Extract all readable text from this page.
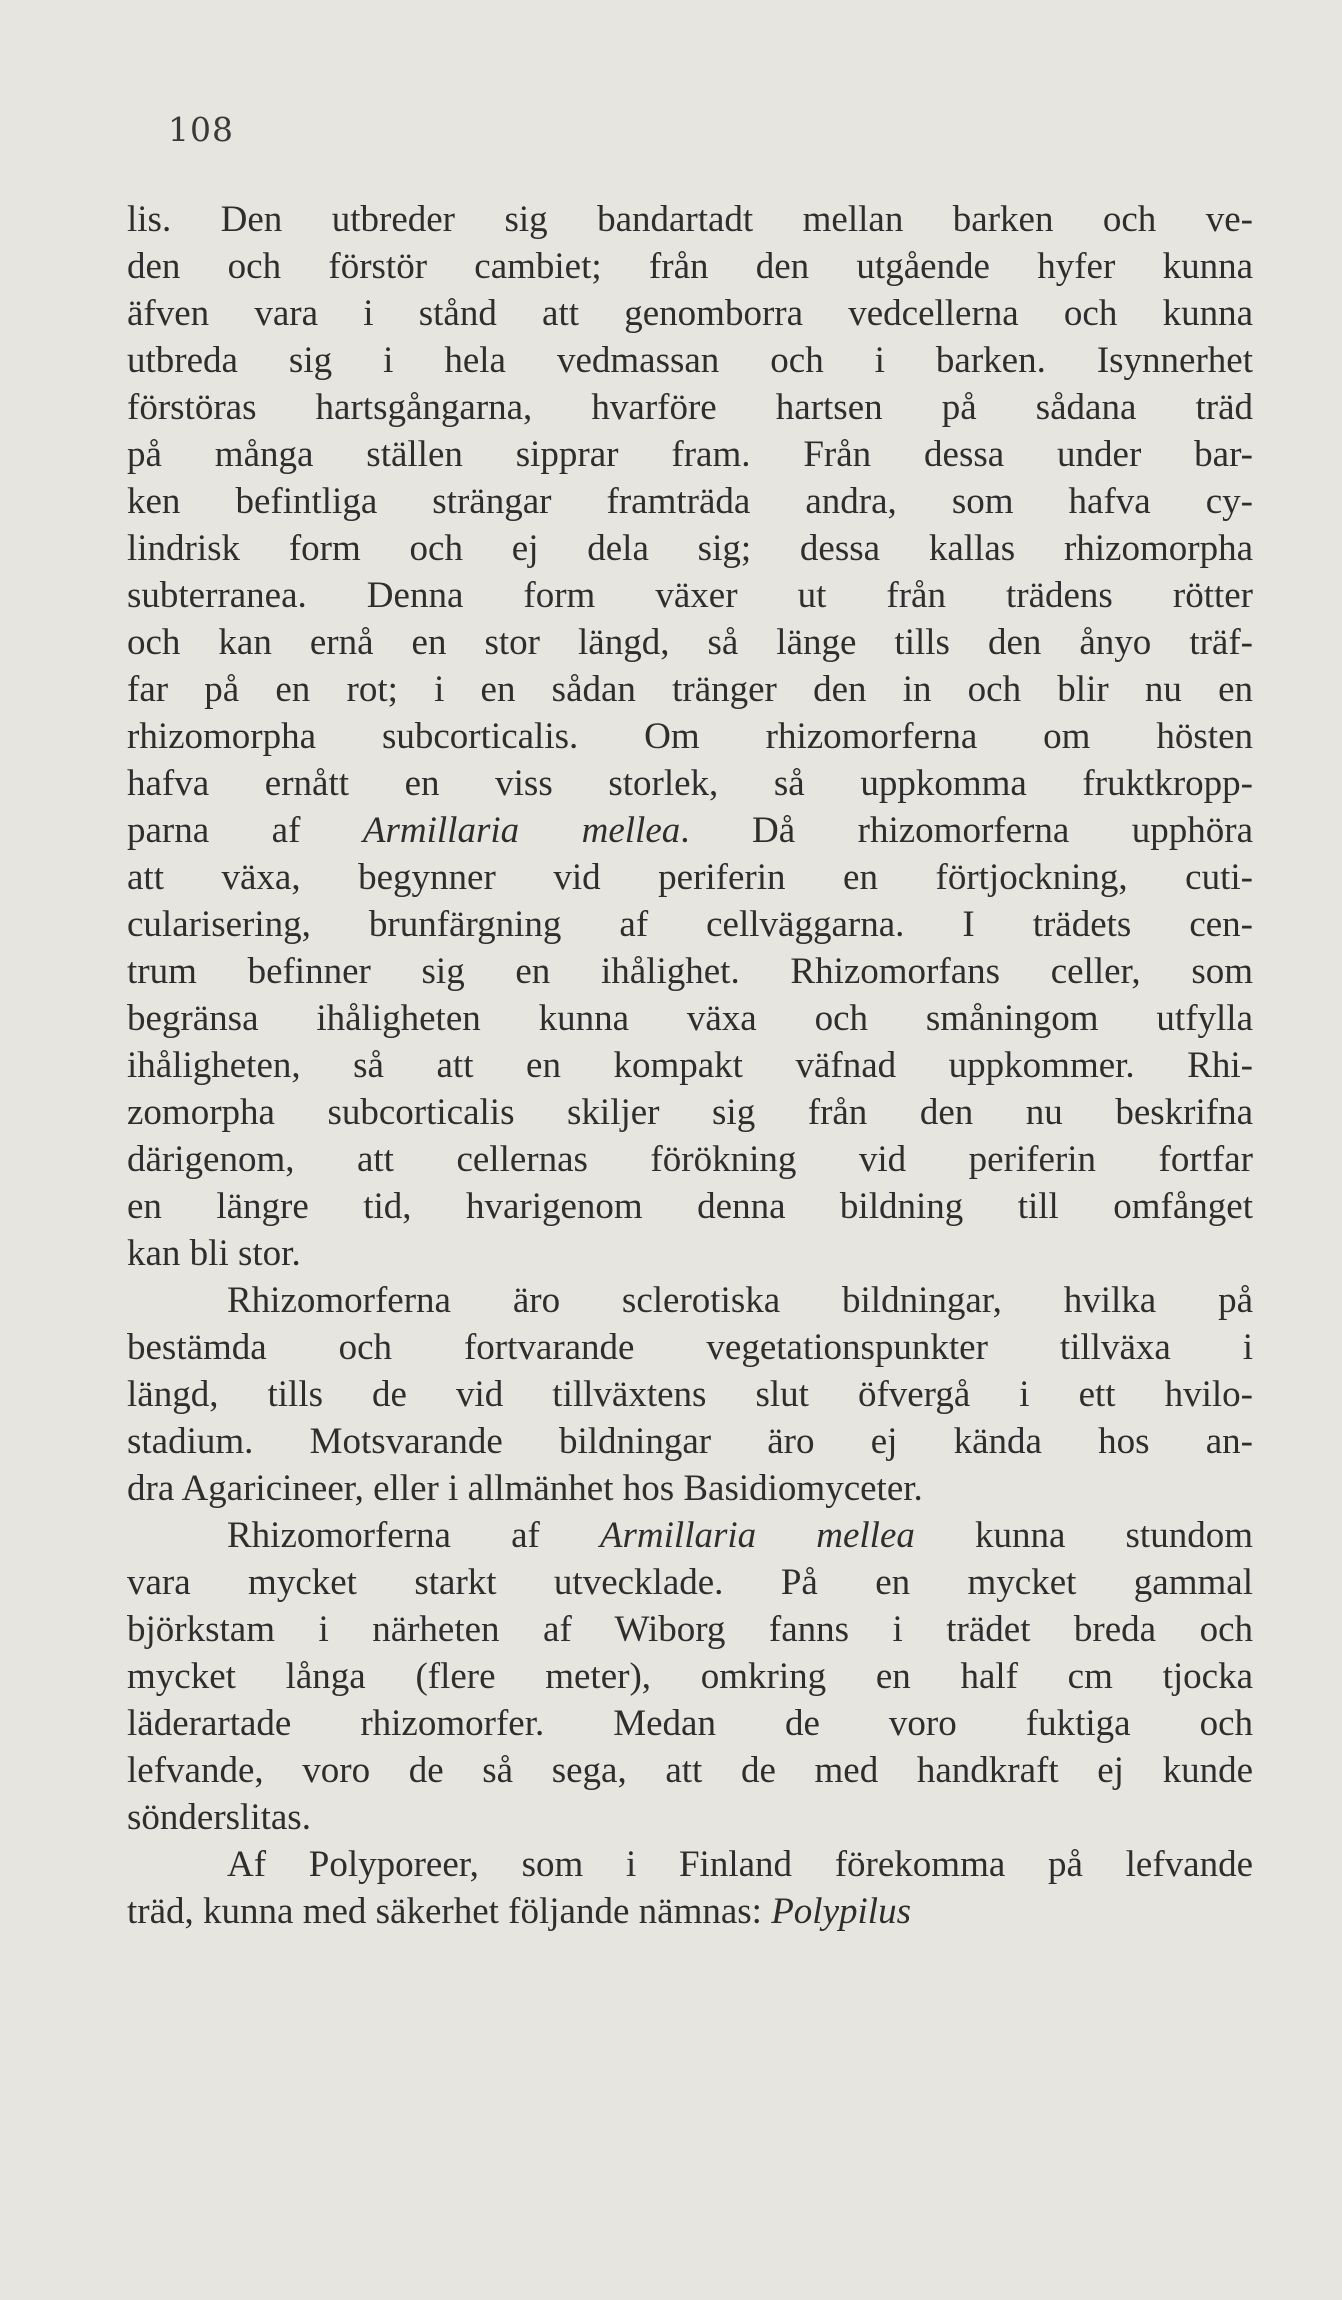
108
lis. Den utbreder sig bandartadt mellan barken och ve-
den och förstör cambiet; från den utgående hyfer kunna
äfven vara i stånd att genomborra vedcellerna och kunna
utbreda sig i hela vedmassan och i barken. Isynnerhet
förstöras hartsgångarna, hvarföre hartsen på sådana träd
på många ställen sipprar fram. Från dessa under bar-
ken befintliga strängar framträda andra, som hafva cy-
lindrisk form och ej dela sig; dessa kallas rhizomorpha
subterranea. Denna form växer ut från trädens rötter
och kan ernå en stor längd, så länge tills den ånyo träf-
far på en rot; i en sådan tränger den in och blir nu en
rhizomorpha subcorticalis. Om rhizomorferna om hösten
hafva ernått en viss storlek, så uppkomma fruktkropp-
parna af Armillaria mellea. Då rhizomorferna upphöra
att växa, begynner vid periferin en förtjockning, cuti-
cularisering, brunfärgning af cellväggarna. I trädets cen-
trum befinner sig en ihålighet. Rhizomorfans celler, som
begränsa ihåligheten kunna växa och småningom utfylla
ihåligheten, så att en kompakt väfnad uppkommer. Rhi-
zomorpha subcorticalis skiljer sig från den nu beskrifna
därigenom, att cellernas förökning vid periferin fortfar
en längre tid, hvarigenom denna bildning till omfånget
kan bli stor.
Rhizomorferna äro sclerotiska bildningar, hvilka på
bestämda och fortvarande vegetationspunkter tillväxa i
längd, tills de vid tillväxtens slut öfvergå i ett hvilo-
stadium. Motsvarande bildningar äro ej kända hos an-
dra Agaricineer, eller i allmänhet hos Basidiomyceter.
Rhizomorferna af Armillaria mellea kunna stundom
vara mycket starkt utvecklade. På en mycket gammal
björkstam i närheten af Wiborg fanns i trädet breda och
mycket långa (flere meter), omkring en half cm tjocka
läderartade rhizomorfer. Medan de voro fuktiga och
lefvande, voro de så sega, att de med handkraft ej kunde
sönderslitas.
Af Polyporeer, som i Finland förekomma på lefvande
träd, kunna med säkerhet följande nämnas: Polypilus
